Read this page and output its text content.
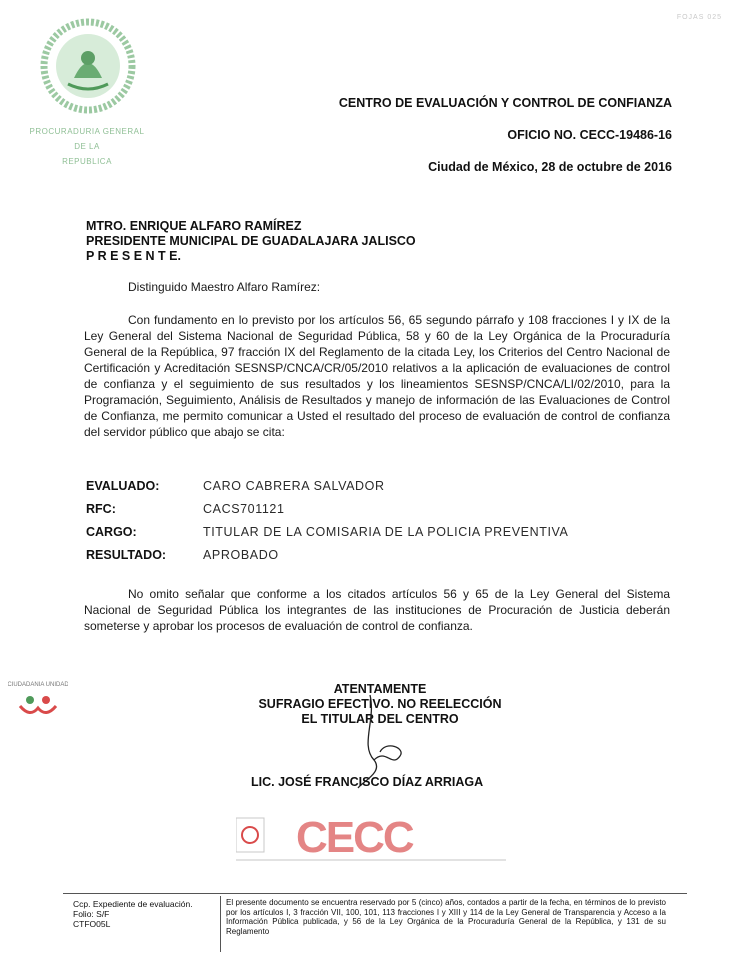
PROCURADURIA GENERAL
DE LA
REPUBLICA
FOJAS 025
CENTRO DE EVALUACIÓN Y CONTROL DE CONFIANZA
OFICIO NO. CECC-19486-16
Ciudad de México, 28 de octubre de 2016
MTRO. ENRIQUE ALFARO RAMÍREZ
PRESIDENTE MUNICIPAL DE GUADALAJARA JALISCO
P R E S E N T E.
Distinguido Maestro Alfaro Ramírez:
Con fundamento en lo previsto por los artículos 56, 65 segundo párrafo y 108 fracciones I y IX de la Ley General del Sistema Nacional de Seguridad Pública, 58 y 60 de la Ley Orgánica de la Procuraduría General de la República, 97 fracción IX del Reglamento de la citada Ley, los Criterios del Centro Nacional de Certificación y Acreditación SESNSP/CNCA/CR/05/2010 relativos a la aplicación de evaluaciones de control de confianza y el seguimiento de sus resultados y los lineamientos SESNSP/CNCA/LI/02/2010, para la Programación, Seguimiento, Análisis de Resultados y manejo de información de las Evaluaciones de Control de Confianza, me permito comunicar a Usted el resultado del proceso de evaluación de control de confianza del servidor público que abajo se cita:
EVALUADO:	CARO CABRERA SALVADOR
RFC:	CACS701121
CARGO:	TITULAR DE LA COMISARIA DE LA POLICIA PREVENTIVA
RESULTADO:	APROBADO
No omito señalar que conforme a los citados artículos 56 y 65 de la Ley General del Sistema Nacional de Seguridad Pública los integrantes de las instituciones de Procuración de Justicia deberán someterse y aprobar los procesos de evaluación de control de confianza.
CIUDADANIA UNIDAD	ATENTAMENTE
SUFRAGIO EFECTIVO. NO REELECCIÓN
EL TITULAR DEL CENTRO
LIC. JOSÉ FRANCISCO DÍAZ ARRIAGA
CECC
Ccp. Expediente de evaluación.
Folio: S/F
CTFO05L
El presente documento se encuentra reservado por 5 (cinco) años, contados a partir de la fecha, en términos de lo previsto por los artículos I, 3 fracción VII, 100, 101, 113 fracciones I y XIII y 114 de la Ley General de Transparencia y Acceso a la Información Pública publicada, y 56 de la Ley Orgánica de la Procuraduría General de la República, y 131 de su Reglamento
